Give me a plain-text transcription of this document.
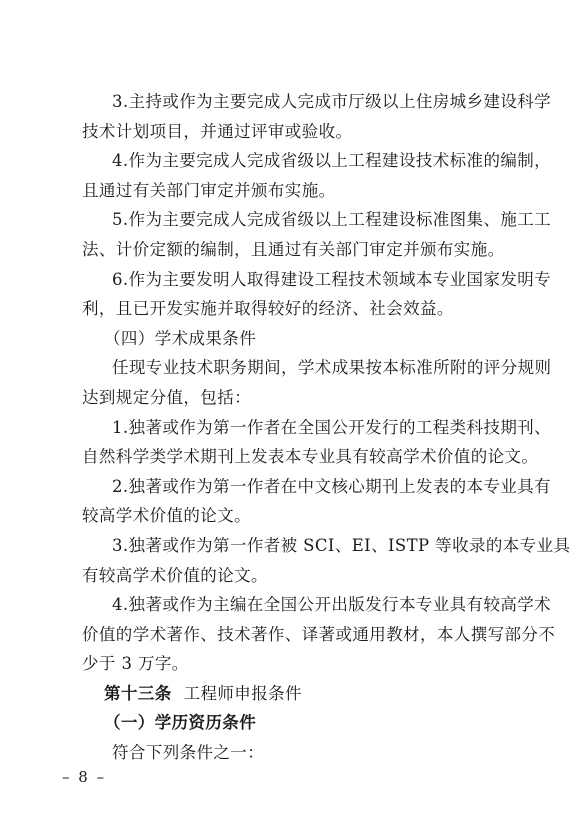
3.主持或作为主要完成人完成市厅级以上住房城乡建设科学
技术计划项目，并通过评审或验收。
4.作为主要完成人完成省级以上工程建设技术标准的编制，
且通过有关部门审定并颁布实施。
5.作为主要完成人完成省级以上工程建设标准图集、施工工
法、计价定额的编制，且通过有关部门审定并颁布实施。
6.作为主要发明人取得建设工程技术领域本专业国家发明专
利，且已开发实施并取得较好的经济、社会效益。
（四）学术成果条件
任现专业技术职务期间，学术成果按本标准所附的评分规则
达到规定分值，包括：
1.独著或作为第一作者在全国公开发行的工程类科技期刊、
自然科学类学术期刊上发表本专业具有较高学术价值的论文。
2.独著或作为第一作者在中文核心期刊上发表的本专业具有
较高学术价值的论文。
3.独著或作为第一作者被 SCI、EI、ISTP 等收录的本专业具
有较高学术价值的论文。
4.独著或作为主编在全国公开出版发行本专业具有较高学术
价值的学术著作、技术著作、译著或通用教材，本人撰写部分不
少于 3 万字。
第十三条 工程师申报条件
（一）学历资历条件
符合下列条件之一：
– 8 –
